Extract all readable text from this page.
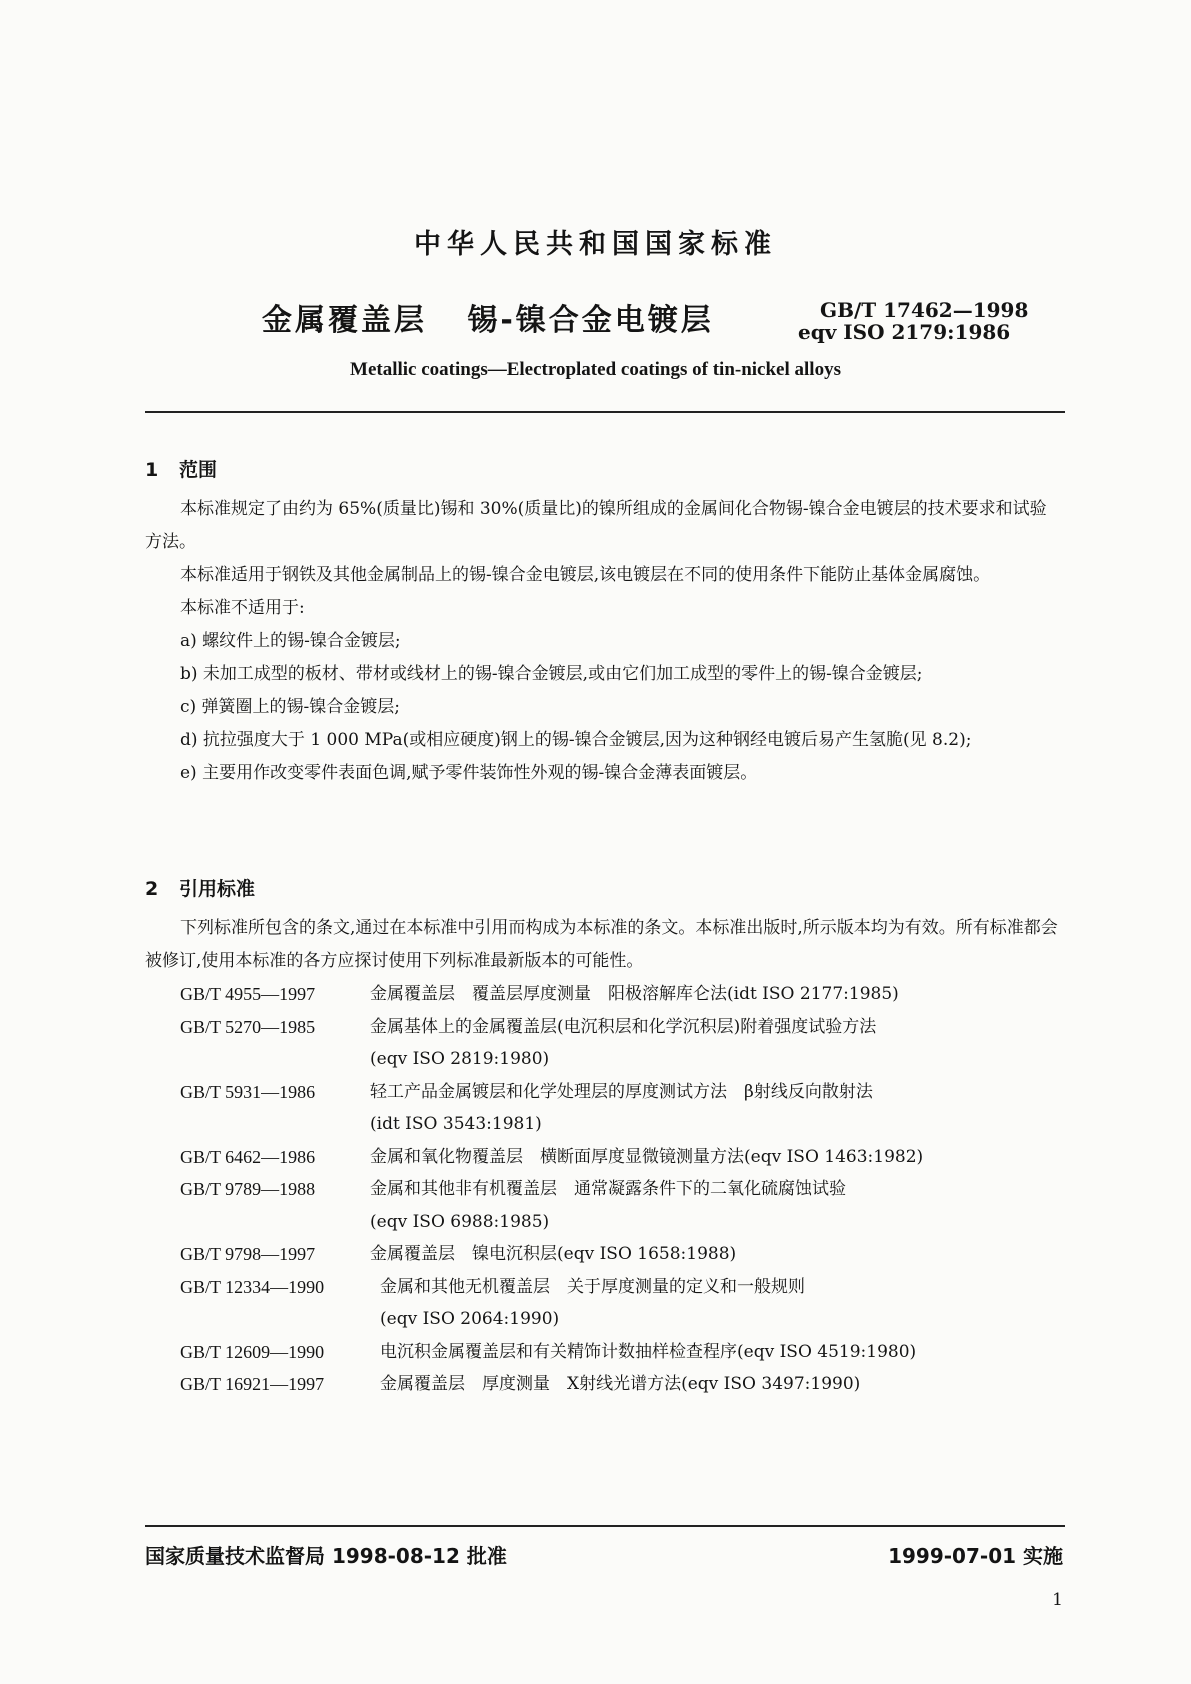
中华人民共和国国家标准
金属覆盖层 锡-镍合金电镀层	GB/T 17462—1998
eqv ISO 2179:1986
Metallic coatings—Electroplated coatings of tin-nickel alloys
1 范围
本标准规定了由约为 65%(质量比)锡和 30%(质量比)的镍所组成的金属间化合物锡-镍合金电镀层的技术要求和试验方法。
本标准适用于钢铁及其他金属制品上的锡-镍合金电镀层,该电镀层在不同的使用条件下能防止基体金属腐蚀。
本标准不适用于:
a) 螺纹件上的锡-镍合金镀层;
b) 未加工成型的板材、带材或线材上的锡-镍合金镀层,或由它们加工成型的零件上的锡-镍合金镀层;
c) 弹簧圈上的锡-镍合金镀层;
d) 抗拉强度大于 1 000 MPa(或相应硬度)钢上的锡-镍合金镀层,因为这种钢经电镀后易产生氢脆(见 8.2);
e) 主要用作改变零件表面色调,赋予零件装饰性外观的锡-镍合金薄表面镀层。
2 引用标准
下列标准所包含的条文,通过在本标准中引用而构成为本标准的条文。本标准出版时,所示版本均为有效。所有标准都会被修订,使用本标准的各方应探讨使用下列标准最新版本的可能性。
GB/T 4955—1997	金属覆盖层　覆盖层厚度测量　阳极溶解库仑法(idt ISO 2177:1985)
GB/T 5270—1985	金属基体上的金属覆盖层(电沉积层和化学沉积层)附着强度试验方法
(eqv ISO 2819:1980)
GB/T 5931—1986	轻工产品金属镀层和化学处理层的厚度测试方法　β射线反向散射法
(idt ISO 3543:1981)
GB/T 6462—1986	金属和氧化物覆盖层　横断面厚度显微镜测量方法(eqv ISO 1463:1982)
GB/T 9789—1988	金属和其他非有机覆盖层　通常凝露条件下的二氧化硫腐蚀试验
(eqv ISO 6988:1985)
GB/T 9798—1997	金属覆盖层　镍电沉积层(eqv ISO 1658:1988)
GB/T 12334—1990	金属和其他无机覆盖层　关于厚度测量的定义和一般规则
(eqv ISO 2064:1990)
GB/T 12609—1990	电沉积金属覆盖层和有关精饰计数抽样检查程序(eqv ISO 4519:1980)
GB/T 16921—1997	金属覆盖层　厚度测量　X射线光谱方法(eqv ISO 3497:1990)
国家质量技术监督局 1998-08-12 批准	1999-07-01 实施
1
